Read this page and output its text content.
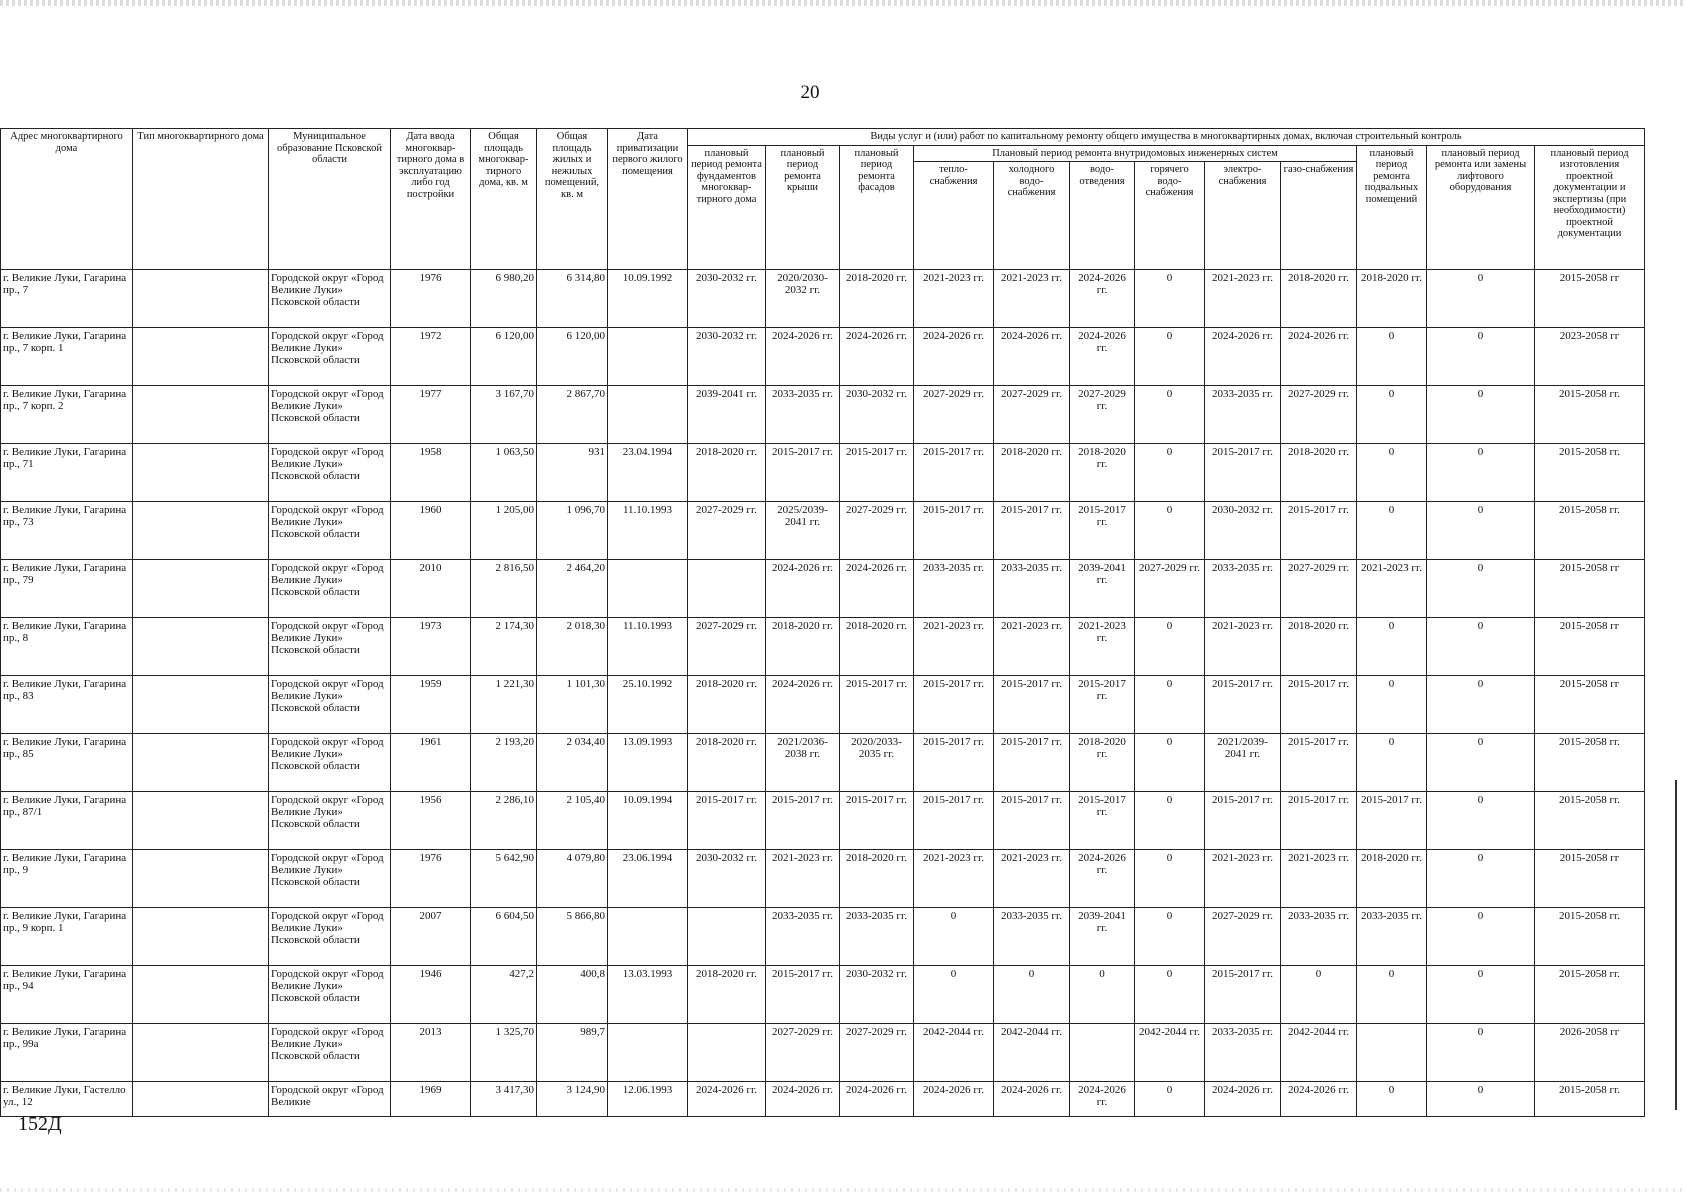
20
Адрес многоквартирного дома	Тип многоквартирного дома	Муниципальное образование Псковской области	Дата ввода многоквар-тирного дома в эксплуатацию либо год постройки	Общая площадь многоквар-тирного дома, кв. м	Общая площадь жилых и нежилых помещений, кв. м	Дата приватизации первого жилого помещения	Виды услуг и (или) работ по капитальному ремонту общего имущества в многоквартирных домах, включая строительный контроль											
							плановый период ремонта фундаментов многоквар-тирного дома	плановый период ремонта крыши	плановый период ремонта фасадов	Плановый период ремонта внутридомовых инженерных систем						плановый период ремонта подвальных помещений	плановый период ремонта или замены лифтового оборудования	плановый период изготовления проектной документации и экспертизы (при необходимости) проектной документации
										тепло-снабжения	холодного водо-снабжения	водо-отведения	горячего водо-снабжения	электро-снабжения	газо-снабжения			
г. Великие Луки, Гагарина пр., 7		Городской округ «Город Великие Луки» Псковской области	1976	6 980,20	6 314,80	10.09.1992	2030-2032 гг.	2020/2030-2032 гг.	2018-2020 гг.	2021-2023 гг.	2021-2023 гг.	2024-2026 гг.	0	2021-2023 гг.	2018-2020 гг.	2018-2020 гг.	0	2015-2058 гг
г. Великие Луки, Гагарина пр., 7 корп. 1		Городской округ «Город Великие Луки» Псковской области	1972	6 120,00	6 120,00		2030-2032 гг.	2024-2026 гг.	2024-2026 гг.	2024-2026 гг.	2024-2026 гг.	2024-2026 гг.	0	2024-2026 гг.	2024-2026 гг.	0	0	2023-2058 гг
г. Великие Луки, Гагарина пр., 7 корп. 2		Городской округ «Город Великие Луки» Псковской области	1977	3 167,70	2 867,70		2039-2041 гг.	2033-2035 гг.	2030-2032 гг.	2027-2029 гг.	2027-2029 гг.	2027-2029 гг.	0	2033-2035 гг.	2027-2029 гг.	0	0	2015-2058 гг.
г. Великие Луки, Гагарина пр., 71		Городской округ «Город Великие Луки» Псковской области	1958	1 063,50	931	23.04.1994	2018-2020 гг.	2015-2017 гг.	2015-2017 гг.	2015-2017 гг.	2018-2020 гг.	2018-2020 гг.	0	2015-2017 гг.	2018-2020 гг.	0	0	2015-2058 гг.
г. Великие Луки, Гагарина пр., 73		Городской округ «Город Великие Луки» Псковской области	1960	1 205,00	1 096,70	11.10.1993	2027-2029 гг.	2025/2039-2041 гг.	2027-2029 гг.	2015-2017 гг.	2015-2017 гг.	2015-2017 гг.	0	2030-2032 гг.	2015-2017 гг.	0	0	2015-2058 гг.
г. Великие Луки, Гагарина пр., 79		Городской округ «Город Великие Луки» Псковской области	2010	2 816,50	2 464,20			2024-2026 гг.	2024-2026 гг.	2033-2035 гг.	2033-2035 гг.	2039-2041 гг.	2027-2029 гг.	2033-2035 гг.	2027-2029 гг.	2021-2023 гг.	0	2015-2058 гг
г. Великие Луки, Гагарина пр., 8		Городской округ «Город Великие Луки» Псковской области	1973	2 174,30	2 018,30	11.10.1993	2027-2029 гг.	2018-2020 гг.	2018-2020 гг.	2021-2023 гг.	2021-2023 гг.	2021-2023 гг.	0	2021-2023 гг.	2018-2020 гг.	0	0	2015-2058 гг
г. Великие Луки, Гагарина пр., 83		Городской округ «Город Великие Луки» Псковской области	1959	1 221,30	1 101,30	25.10.1992	2018-2020 гг.	2024-2026 гг.	2015-2017 гг.	2015-2017 гг.	2015-2017 гг.	2015-2017 гг.	0	2015-2017 гг.	2015-2017 гг.	0	0	2015-2058 гг
г. Великие Луки, Гагарина пр., 85		Городской округ «Город Великие Луки» Псковской области	1961	2 193,20	2 034,40	13.09.1993	2018-2020 гг.	2021/2036-2038 гг.	2020/2033-2035 гг.	2015-2017 гг.	2015-2017 гг.	2018-2020 гг.	0	2021/2039-2041 гг.	2015-2017 гг.	0	0	2015-2058 гг.
г. Великие Луки, Гагарина пр., 87/1		Городской округ «Город Великие Луки» Псковской области	1956	2 286,10	2 105,40	10.09.1994	2015-2017 гг.	2015-2017 гг.	2015-2017 гг.	2015-2017 гг.	2015-2017 гг.	2015-2017 гг.	0	2015-2017 гг.	2015-2017 гг.	2015-2017 гг.	0	2015-2058 гг.
г. Великие Луки, Гагарина пр., 9		Городской округ «Город Великие Луки» Псковской области	1976	5 642,90	4 079,80	23.06.1994	2030-2032 гг.	2021-2023 гг.	2018-2020 гг.	2021-2023 гг.	2021-2023 гг.	2024-2026 гг.	0	2021-2023 гг.	2021-2023 гг.	2018-2020 гг.	0	2015-2058 гг
г. Великие Луки, Гагарина пр., 9 корп. 1		Городской округ «Город Великие Луки» Псковской области	2007	6 604,50	5 866,80			2033-2035 гг.	2033-2035 гг.	0	2033-2035 гг.	2039-2041 гг.	0	2027-2029 гг.	2033-2035 гг.	2033-2035 гг.	0	2015-2058 гг.
г. Великие Луки, Гагарина пр., 94		Городской округ «Город Великие Луки» Псковской области	1946	427,2	400,8	13.03.1993	2018-2020 гг.	2015-2017 гг.	2030-2032 гг.	0	0	0	0	2015-2017 гг.	0	0	0	2015-2058 гг.
г. Великие Луки, Гагарина пр., 99а		Городской округ «Город Великие Луки» Псковской области	2013	1 325,70	989,7			2027-2029 гг.	2027-2029 гг.	2042-2044 гг.	2042-2044 гг.		2042-2044 гг.	2033-2035 гг.	2042-2044 гг.		0	2026-2058 гг
г. Великие Луки, Гастелло ул., 12		Городской округ «Город Великие	1969	3 417,30	3 124,90	12.06.1993	2024-2026 гг.	2024-2026 гг.	2024-2026 гг.	2024-2026 гг.	2024-2026 гг.	2024-2026 гг.	0	2024-2026 гг.	2024-2026 гг.	0	0	2015-2058 гг.
152Д
